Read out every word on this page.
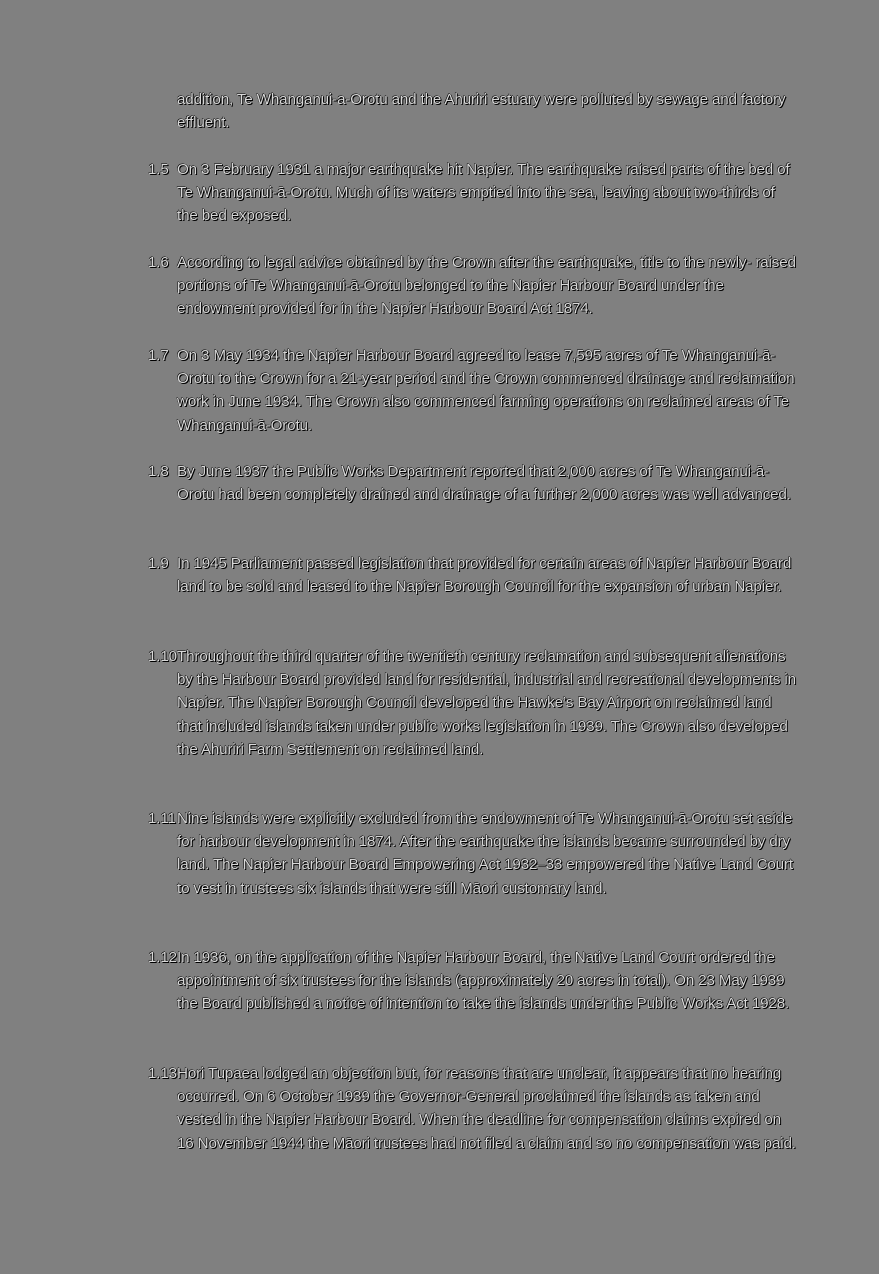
addition, Te Whanganui-a-Orotu and the Ahuriri estuary were polluted by sewage and factory effluent.
1.5 On 3 February 1931 a major earthquake hit Napier. The earthquake raised parts of the bed of Te Whanganui-ā-Orotu. Much of its waters emptied into the sea, leaving about two-thirds of the bed exposed.
1.6 According to legal advice obtained by the Crown after the earthquake, title to the newly- raised portions of Te Whanganui-ā-Orotu belonged to the Napier Harbour Board under the endowment provided for in the Napier Harbour Board Act 1874.
1.7 On 3 May 1934 the Napier Harbour Board agreed to lease 7,595 acres of Te Whanganui-ā-Orotu to the Crown for a 21-year period and the Crown commenced drainage and reclamation work in June 1934. The Crown also commenced farming operations on reclaimed areas of Te Whanganui-ā-Orotu.
1.8 By June 1937 the Public Works Department reported that 2,000 acres of Te Whanganui-ā-Orotu had been completely drained and drainage of a further 2,000 acres was well advanced.
1.9 In 1945 Parliament passed legislation that provided for certain areas of Napier Harbour Board land to be sold and leased to the Napier Borough Council for the expansion of urban Napier.
1.10 Throughout the third quarter of the twentieth century reclamation and subsequent alienations by the Harbour Board provided land for residential, industrial and recreational developments in Napier. The Napier Borough Council developed the Hawke’s Bay Airport on reclaimed land that included islands taken under public works legislation in 1939. The Crown also developed the Ahuriri Farm Settlement on reclaimed land.
1.11 Nine islands were explicitly excluded from the endowment of Te Whanganui-ā-Orotu set aside for harbour development in 1874. After the earthquake the islands became surrounded by dry land. The Napier Harbour Board Empowering Act 1932–33 empowered the Native Land Court to vest in trustees six islands that were still Māori customary land.
1.12 In 1936, on the application of the Napier Harbour Board, the Native Land Court ordered the appointment of six trustees for the islands (approximately 20 acres in total). On 23 May 1939 the Board published a notice of intention to take the islands under the Public Works Act 1928.
1.13 Hori Tupaea lodged an objection but, for reasons that are unclear, it appears that no hearing occurred. On 6 October 1939 the Governor-General proclaimed the islands as taken and vested in the Napier Harbour Board. When the deadline for compensation claims expired on 16 November 1944 the Māori trustees had not filed a claim and so no compensation was paid.
